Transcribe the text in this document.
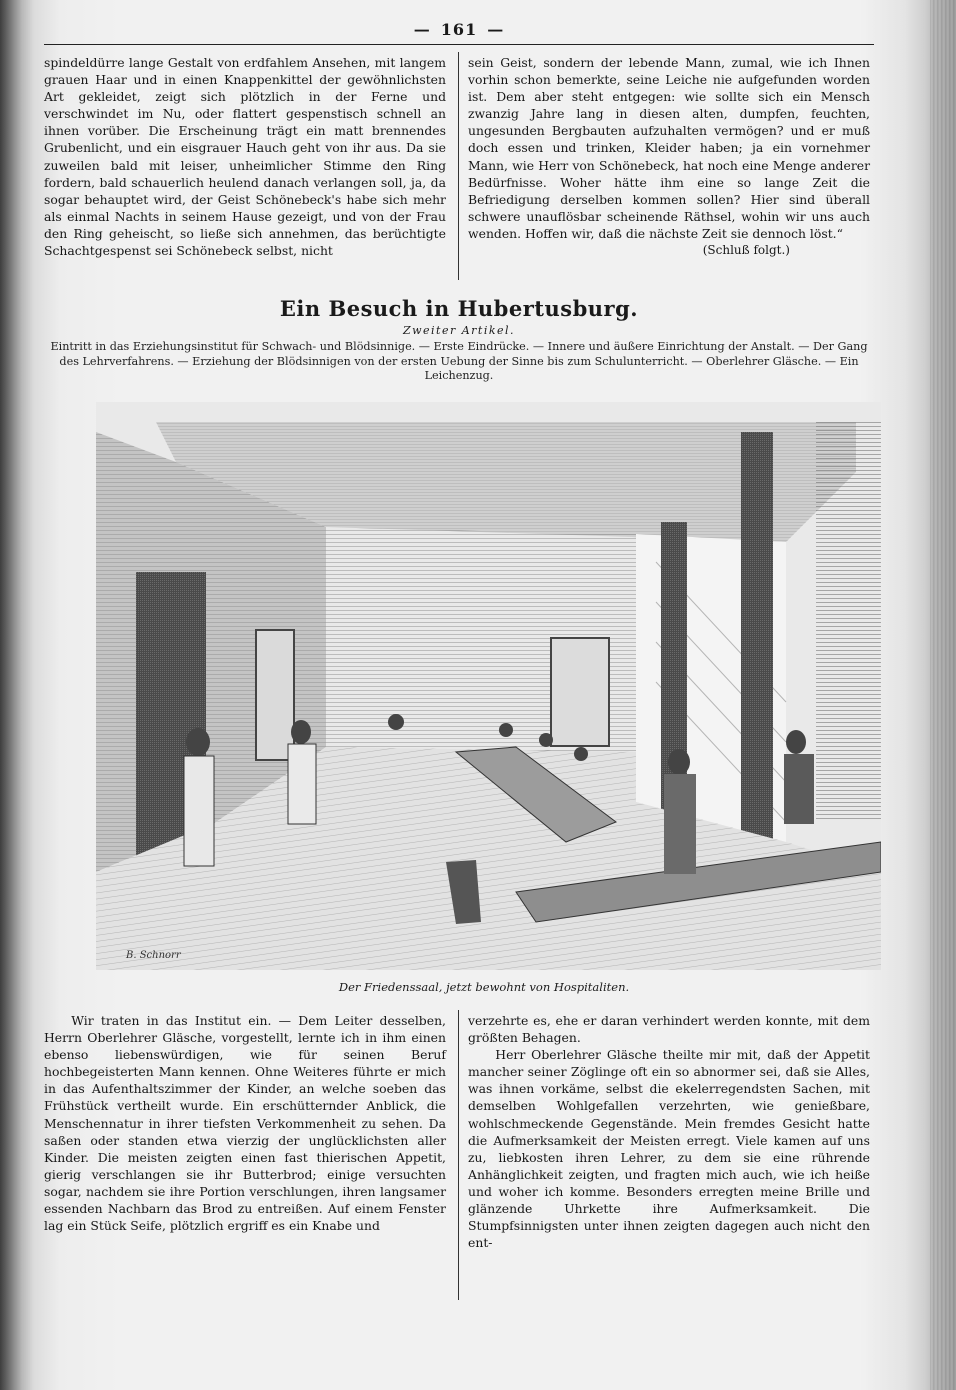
— 161 —

spindeldürre lange Gestalt von erdfahlem Ansehen, mit langem grauen Haar und in einen Knappenkittel der gewöhnlichsten Art gekleidet, zeigt sich plötzlich in der Ferne und verschwindet im Nu, oder flattert gespenstisch schnell an ihnen vorüber. Die Erscheinung trägt ein matt brennendes Grubenlicht, und ein eisgrauer Hauch geht von ihr aus. Da sie zuweilen bald mit leiser, unheimlicher Stimme den Ring fordern, bald schauerlich heulend danach verlangen soll, ja, da sogar behauptet wird, der Geist Schönebeck's habe sich mehr als einmal Nachts in seinem Hause gezeigt, und von der Frau den Ring geheischt, so ließe sich annehmen, das berüchtigte Schachtgespenst sei Schönebeck selbst, nicht

sein Geist, sondern der lebende Mann, zumal, wie ich Ihnen vorhin schon bemerkte, seine Leiche nie aufgefunden worden ist. Dem aber steht entgegen: wie sollte sich ein Mensch zwanzig Jahre lang in diesen alten, dumpfen, feuchten, ungesunden Bergbauten aufzuhalten vermögen? und er muß doch essen und trinken, Kleider haben; ja ein vornehmer Mann, wie Herr von Schönebeck, hat noch eine Menge anderer Bedürfnisse. Woher hätte ihm eine so lange Zeit die Befriedigung derselben kommen sollen? Hier sind überall schwere unauflösbar scheinende Räthsel, wohin wir uns auch wenden. Hoffen wir, daß die nächste Zeit sie dennoch löst.“

(Schluß folgt.)

Ein Besuch in Hubertusburg.
Zweiter Artikel.
Eintritt in das Erziehungsinstitut für Schwach- und Blödsinnige. — Erste Eindrücke. — Innere und äußere Einrichtung der Anstalt. — Der Gang des Lehrverfahrens. — Erziehung der Blödsinnigen von der ersten Uebung der Sinne bis zum Schulunterricht. — Oberlehrer Gläsche. — Ein Leichenzug.
B. Schnorr
Der Friedenssaal, jetzt bewohnt von Hospitaliten.

Wir traten in das Institut ein. — Dem Leiter desselben, Herrn Oberlehrer Gläsche, vorgestellt, lernte ich in ihm einen ebenso liebenswürdigen, wie für seinen Beruf hochbegeisterten Mann kennen. Ohne Weiteres führte er mich in das Aufenthaltszimmer der Kinder, an welche soeben das Frühstück vertheilt wurde. Ein erschütternder Anblick, die Menschennatur in ihrer tiefsten Verkommenheit zu sehen. Da saßen oder standen etwa vierzig der unglücklichsten aller Kinder. Die meisten zeigten einen fast thierischen Appetit, gierig verschlangen sie ihr Butterbrod; einige versuchten sogar, nachdem sie ihre Portion verschlungen, ihren langsamer essenden Nachbarn das Brod zu entreißen. Auf einem Fenster lag ein Stück Seife, plötzlich ergriff es ein Knabe und

verzehrte es, ehe er daran verhindert werden konnte, mit dem größten Behagen.

Herr Oberlehrer Gläsche theilte mir mit, daß der Appetit mancher seiner Zöglinge oft ein so abnormer sei, daß sie Alles, was ihnen vorkäme, selbst die ekelerregendsten Sachen, mit demselben Wohlgefallen verzehrten, wie genießbare, wohlschmeckende Gegenstände. Mein fremdes Gesicht hatte die Aufmerksamkeit der Meisten erregt. Viele kamen auf uns zu, liebkosten ihren Lehrer, zu dem sie eine rührende Anhänglichkeit zeigten, und fragten mich auch, wie ich heiße und woher ich komme. Besonders erregten meine Brille und glänzende Uhrkette ihre Aufmerksamkeit. Die Stumpfsinnigsten unter ihnen zeigten dagegen auch nicht den ent-
